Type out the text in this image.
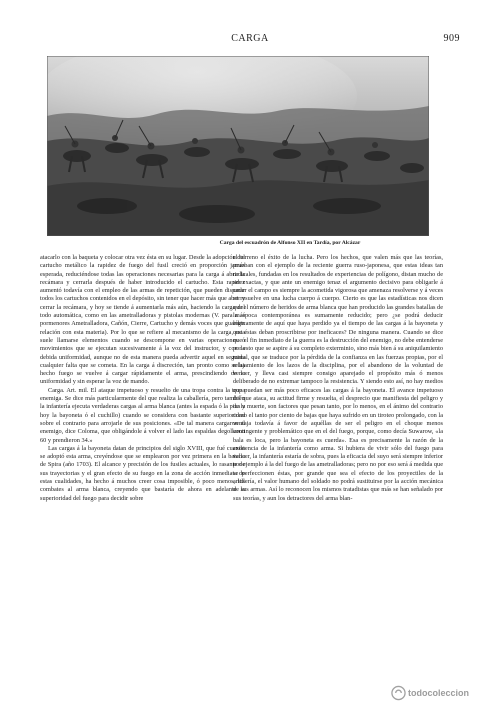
CARGA	909
Carga del escuadrón de Alfonso XII en Tardía, por Alcázar

atacarlo con la baqueta y colocar otra vez ésta en su lugar. Desde la adopción del cartucho metálico la rapidez de fuego del fusil creció en proporción jamás esperada, reduciéndose todas las operaciones necesarias para la carga á abrir la recámara y cerrarla después de haber introducido el cartucho. Esta rapidez aumentó todavía con el empleo de las armas de repetición, que pueden disparar todos los cartuchos contenidos en el depósito, sin tener que hacer más que abrir y cerrar la recámara, y hoy se tiende á aumentarla más aún, haciendo la carga del todo automática, como en las ametralladoras y pistolas modernas (V. para más pormenores Ametralladora, Cañón, Cierre, Cartucho y demás voces que guarden relación con esta materia). Por lo que se refiere al mecanismo de la carga, esta suele llamarse elementos cuando se descompone en varias operaciones ó movimientos que se ejecutan sucesivamente á la voz del instructor, y con la debida uniformidad, aunque no de esta manera pueda advertir aquel en seguida cualquier falta que se cometa. En la carga á discreción, tan pronto como se ha hecho fuego se vuelve á cargar rápidamente el arma, prescindiendo de la uniformidad y sin esperar la voz de mando.

Carga. Art. mil. El ataque impetuoso y resuelto de una tropa contra la tropa enemiga. Se dice más particularmente del que realiza la caballería, pero también la infantería ejecuta verdaderas cargas al arma blanca (antes la espada ó la pica y hoy la bayoneta ó el cuchillo) cuando se considera con bastante superioridad sobre el contrario para arrojarle de sus posiciones. «De tal manera cargaron al enemigo, dice Coloma, que obligándole á volver el lado las espaldas degollaron 60 y prendieron 34.»

Las cargas á la bayoneta datan de principios del siglo XVIII, que fué cuando se adoptó esta arma, creyéndose que se emplearon por vez primera en la batalla de Spira (año 1703). El alcance y precisión de los fusiles actuales, lo rasante de sus trayectorias y el gran efecto de su fuego en la zona de acción inmediata de estas cualidades, ha hecho á muchos creer cosa imposible, ó poco menos, los combates al arma blanca, creyendo que bastaría de ahora en adelante la superioridad del fuego para decidir sobre

el terreno el éxito de la lucha. Pero los hechos, que valen más que las teorías, prueban con el ejemplo de la reciente guerra ruso-japonesa, que estas ideas tan radicales, fundadas en los resultados de experiencias de polígono, distan mucho de ser exactas, y que ante un enemigo tenaz el argumento decisivo para obligarle á ceder el campo es siempre la acometida vigorosa que amenaza resolverse y á veces se resuelve en una lucha cuerpo á cuerpo. Cierto es que las estadísticas nos dicen que el número de heridos de arma blanca que han producido las grandes batallas de la época contemporánea es sumamente reducido; pero ¿se podrá deducir lógicamente de aquí que haya perdido ya el tiempo de las cargas á la bayoneta y que éstas deban proscribirse por ineficaces? De ninguna manera. Cuando se dice que el fin inmediato de la guerra es la destrucción del enemigo, no debe entenderse por esto que se aspire á su completo exterminio, sino más bien á su aniquilamiento moral, que se traduce por la pérdida de la confianza en las fuerzas propias, por el relajamiento de los lazos de la disciplina, por el abandono de la voluntad de vencer, y lleva casi siempre consigo aparejado el propósito más ó menos deliberado de no extremar tampoco la resistencia. Y siendo esto así, no hay medios que puedan ser más poco eficaces las cargas á la bayoneta. El avance impetuoso del que ataca, su actitud firme y resuelta, el desprecio que manifiesta del peligro y de la muerte, son factores que pesan tanto, por lo menos, en el ánimo del contrario como el tanto por ciento de bajas que haya sufrido en un tiroteo prolongado, con la ventaja todavía á favor de aquéllas de ser el peligro en el choque menos contingente y problemático que en el del fuego, porque, como decía Suwarow, «la bala es loca, pero la bayoneta es cuerda». Esa es precisamente la razón de la existencia de la infantería como arma. Si hubiera de vivir sólo del fuego para vencer, la infantería estaría de sobra, pues la eficacia del suyo será siempre inferior por ejemplo á la del fuego de las ametralladoras; pero no por eso será á medida que se perfeccionen éstas, por grande que sea el efecto de los proyectiles de la artillería, el valor humano del soldado no podrá sustituirse por la acción mecánica de sus armas. Así lo reconocen los mismos tratadistas que más se han señalado por sus teorías, y aun los detractores del arma blan-

todocoleccion
